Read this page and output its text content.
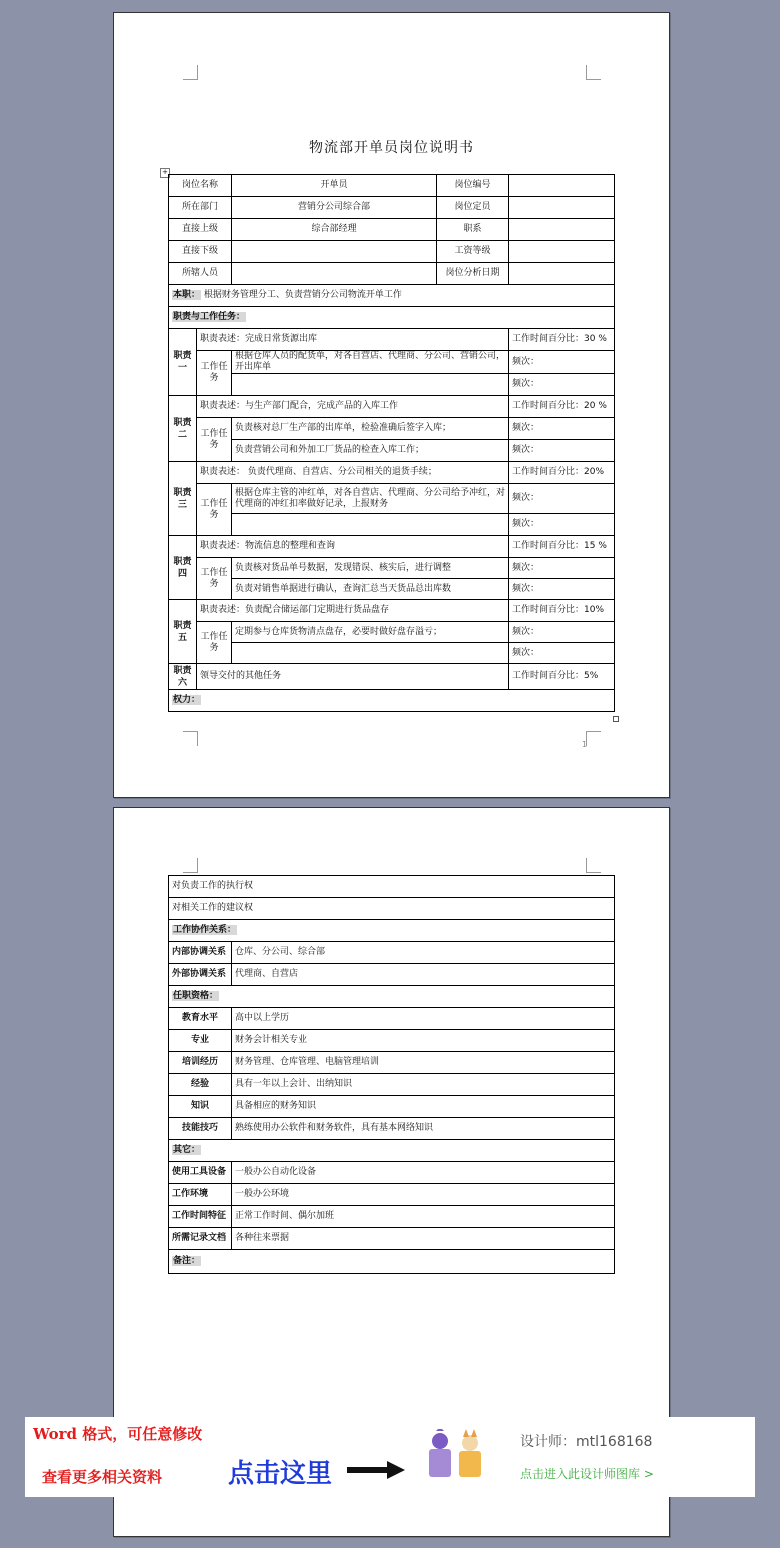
1
物流部开单员岗位说明书
+
岗位名称		开单员	岗位编号	
所在部门		营销分公司综合部	岗位定员	
直接上级		综合部经理	职系	
直接下级			工资等级	
所辖人员			岗位分析日期	
本职： 根据财务管理分工、负责营销分公司物流开单工作				
职责与工作任务：				
职责一	职责表述：完成日常货源出库			工作时间百分比：30 %
	工作任务	根据仓库人员的配货单，对各自营店、代理商、分公司、营销公司，开出库单		频次：
				频次：
职责二	职责表述：与生产部门配合，完成产品的入库工作			工作时间百分比：20 %
	工作任务	负责核对总厂生产部的出库单，检验准确后签字入库；		频次：
		负责营销公司和外加工厂货品的检查入库工作；		频次：
职责三	职责表述： 负责代理商、自营店、分公司相关的退货手续；			工作时间百分比：20%
	工作任务	根据仓库主管的冲红单，对各自营店、代理商、分公司给予冲红，对代理商的冲红扣率做好记录，上报财务		频次：
				频次：
职责四	职责表述：物流信息的整理和查询			工作时间百分比：15 %
	工作任务	负责核对货品单号数据，发现错误、核实后，进行调整		频次：
		负责对销售单据进行确认，查询汇总当天货品总出库数		频次：
职责五	职责表述：负责配合储运部门定期进行货品盘存			工作时间百分比：10%
	工作任务	定期参与仓库货物清点盘存，必要时做好盘存溢亏；		频次：
				频次：
职责六	领导交付的其他任务			工作时间百分比：5%
权力：				
对负责工作的执行权	
对相关工作的建议权	
工作协作关系：	
内部协调关系	仓库、分公司、综合部
外部协调关系	代理商、自营店
任职资格：	
教育水平	高中以上学历
专业	财务会计相关专业
培训经历	财务管理、仓库管理、电脑管理培训
经验	具有一年以上会计、出纳知识
知识	具备相应的财务知识
技能技巧	熟练使用办公软件和财务软件，具有基本网络知识
其它：	
使用工具设备	一般办公自动化设备
工作环境	一般办公环境
工作时间特征	正常工作时间、偶尔加班
所需记录文档	各种往来票据
备注：	
Word 格式，可任意修改
查看更多相关资料	点击这里
设计师：mtl168168
点击进入此设计师图库 >
